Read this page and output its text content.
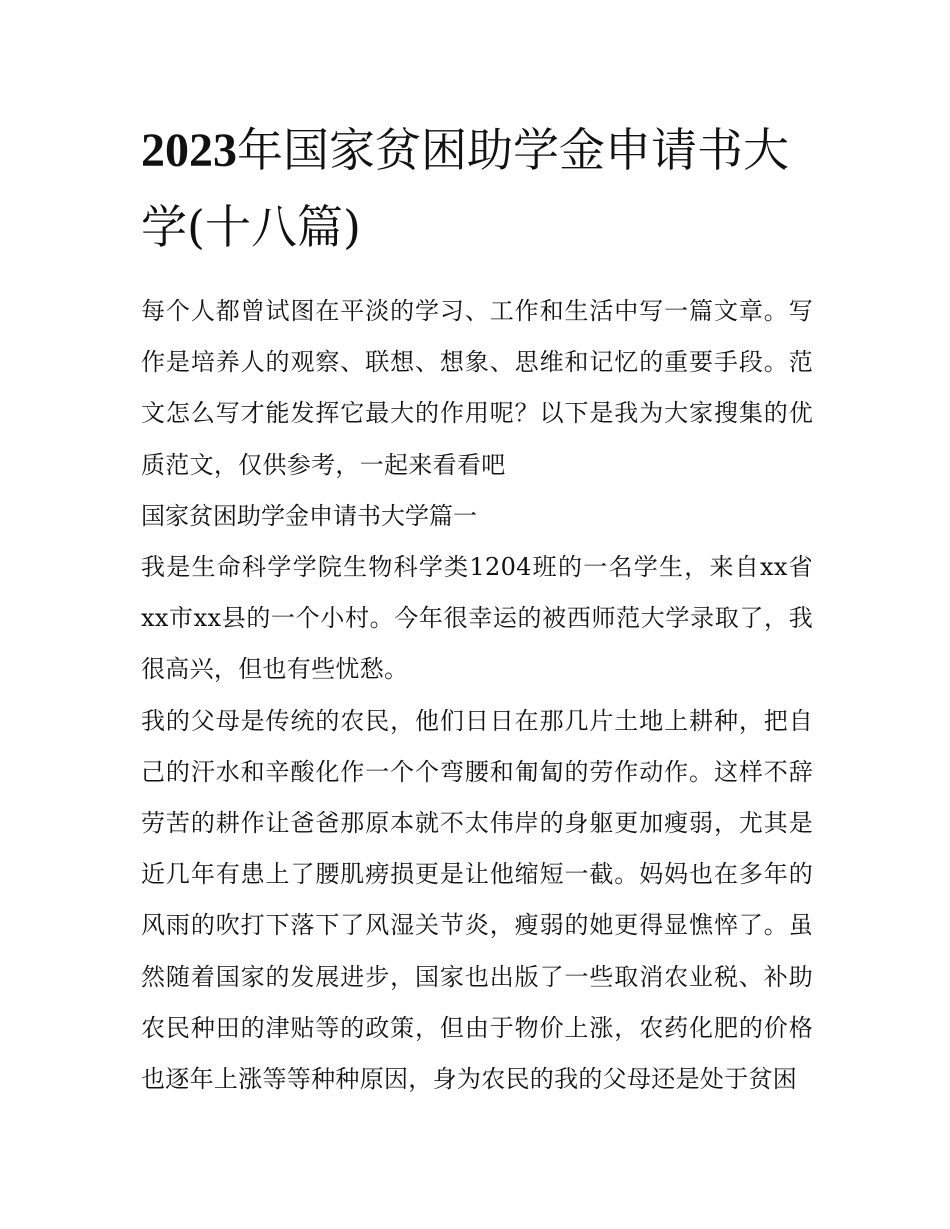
2023年国家贫困助学金申请书大学(十八篇)

每个人都曾试图在平淡的学习、工作和生活中写一篇文章。写作是培养人的观察、联想、想象、思维和记忆的重要手段。范文怎么写才能发挥它最大的作用呢？以下是我为大家搜集的优质范文，仅供参考，一起来看看吧

国家贫困助学金申请书大学篇一

我是生命科学学院生物科学类1204班的一名学生，来自xx省xx市xx县的一个小村。今年很幸运的被西师范大学录取了，我很高兴，但也有些忧愁。

我的父母是传统的农民，他们日日在那几片土地上耕种，把自己的汗水和辛酸化作一个个弯腰和匍匐的劳作动作。这样不辞劳苦的耕作让爸爸那原本就不太伟岸的身躯更加瘦弱，尤其是近几年有患上了腰肌痨损更是让他缩短一截。妈妈也在多年的风雨的吹打下落下了风湿关节炎，瘦弱的她更得显憔悴了。虽然随着国家的发展进步，国家也出版了一些取消农业税、补助农民种田的津贴等的政策，但由于物价上涨，农药化肥的价格也逐年上涨等等种种原因，身为农民的我的父母还是处于贫困
